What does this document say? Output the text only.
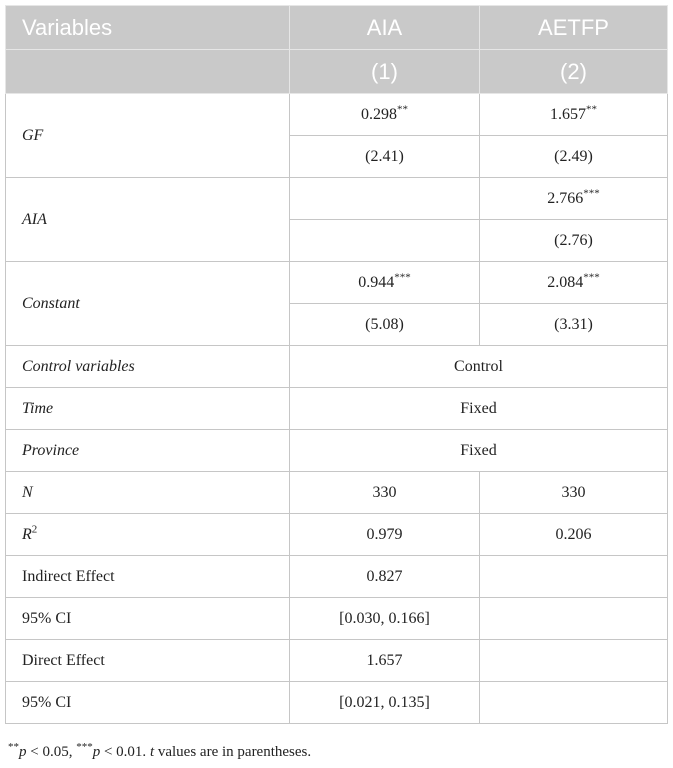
Variables	AIA	AETFP
	(1)	(2)
GF	0.298**	1.657**
	(2.41)	(2.49)
AIA		2.766***
		(2.76)
Constant	0.944***	2.084***
	(5.08)	(3.31)
Control variables	Control	
Time	Fixed	
Province	Fixed	
N	330	330
$R^2$	0.979	0.206
Indirect Effect	0.827	
95% CI	[0.030, 0.166]	
Direct Effect	1.657	
95% CI	[0.021, 0.135]	
**p < 0.05, ***p < 0.01. t values are in parentheses.
